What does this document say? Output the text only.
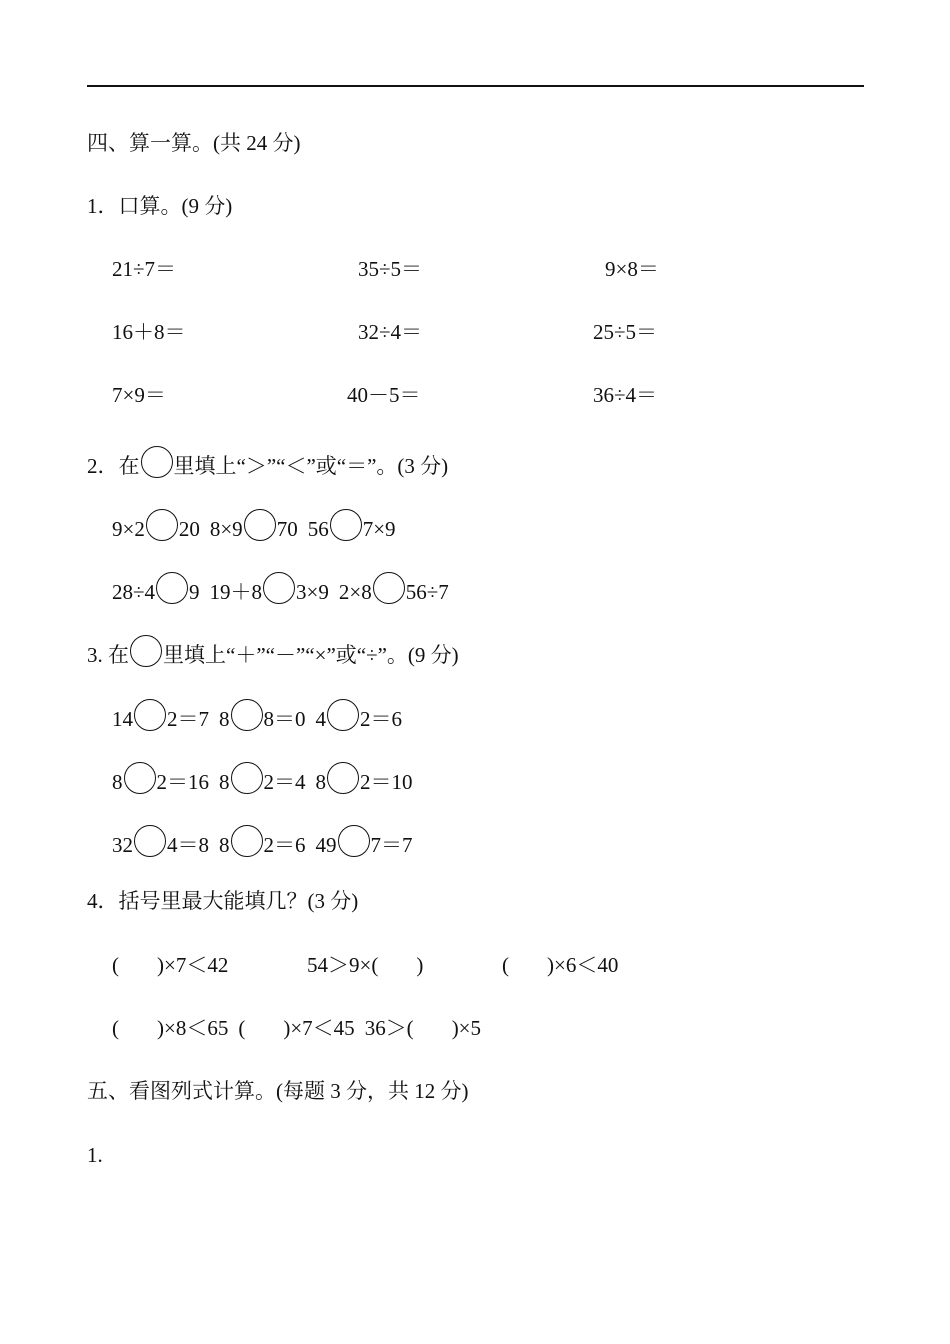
四、算一算。(共 24 分)
1．口算。(9 分)
21÷7＝	35÷5＝	9×8＝
16＋8＝	32÷4＝	25÷5＝
7×9＝	40－5＝	36÷4＝
2．在 里填上“＞”“＜”或“＝”。(3 分)
9×2 20 8×9 70 56 7×9
28÷4 9 19＋8 3×9 2×8 56÷7
3. 在 里填上“＋”“－”“×”或“÷”。(9 分)
14 2＝7 8 8＝0 4 2＝6
8 2＝16 8 2＝4 8 2＝10
32 4＝8 8 2＝6 49 7＝7
4．括号里最大能填几？(3 分)
( )×7＜42	54＞9×( )	( )×6＜40
( )×8＜65 ( )×7＜45 36＞( )×5
五、看图列式计算。(每题 3 分，共 12 分)
1.
